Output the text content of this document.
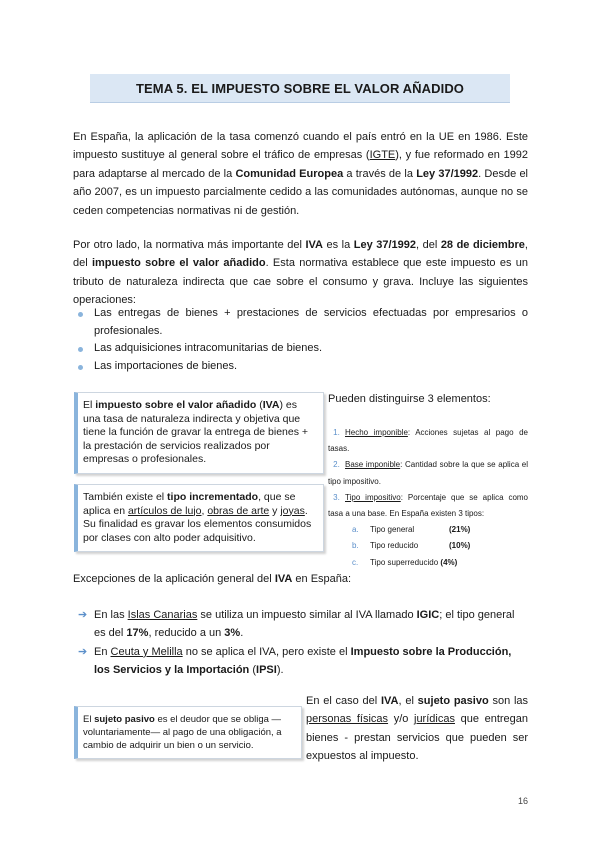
TEMA 5.
EL IMPUESTO SOBRE EL VALOR AÑADIDO
En España, la aplicación de la tasa comenzó cuando el país entró en la UE en 1986. Este impuesto sustituye al general sobre el tráfico de empresas (IGTE), y fue reformado en 1992 para adaptarse al mercado de la Comunidad Europea a través de la Ley 37/1992. Desde el año 2007, es un impuesto parcialmente cedido a las comunidades autónomas, aunque no se ceden competencias normativas ni de gestión.
Por otro lado, la normativa más importante del IVA es la Ley 37/1992, del 28 de diciembre, del impuesto sobre el valor añadido. Esta normativa establece que este impuesto es un tributo de naturaleza indirecta que cae sobre el consumo y grava. Incluye las siguientes operaciones:
Las entregas de bienes + prestaciones de servicios efectuadas por empresarios o profesionales.
Las adquisiciones intracomunitarias de bienes.
Las importaciones de bienes.
El impuesto sobre el valor añadido (IVA) es una tasa de naturaleza indirecta y objetiva que tiene la función de gravar la entrega de bienes + la prestación de servicios realizados por empresas o profesionales.
También existe el tipo incrementado, que se aplica en artículos de lujo, obras de arte y joyas. Su finalidad es gravar los elementos consumidos por clases con alto poder adquisitivo.
Pueden distinguirse 3 elementos:
1. Hecho imponible: Acciones sujetas al pago de tasas.
2. Base imponible: Cantidad sobre la que se aplica el tipo impositivo.
3. Tipo impositivo: Porcentaje que se aplica como tasa a una base. En España existen 3 tipos:
a. Tipo general	(21%)
b. Tipo reducido	(10%)
c. Tipo superreducido (4%)
Excepciones de la aplicación general del IVA en España:
➔ En las Islas Canarias se utiliza un impuesto similar al IVA llamado IGIC; el tipo general es del 17%, reducido a un 3%.
➔ En Ceuta y Melilla no se aplica el IVA, pero existe el Impuesto sobre la Producción, los Servicios y la Importación (IPSI).
El sujeto pasivo es el deudor que se obliga —voluntariamente— al pago de una obligación, a cambio de adquirir un bien o un servicio.
En el caso del IVA, el sujeto pasivo son las personas físicas y/o jurídicas que entregan bienes - prestan servicios que pueden ser expuestos al impuesto.
16
